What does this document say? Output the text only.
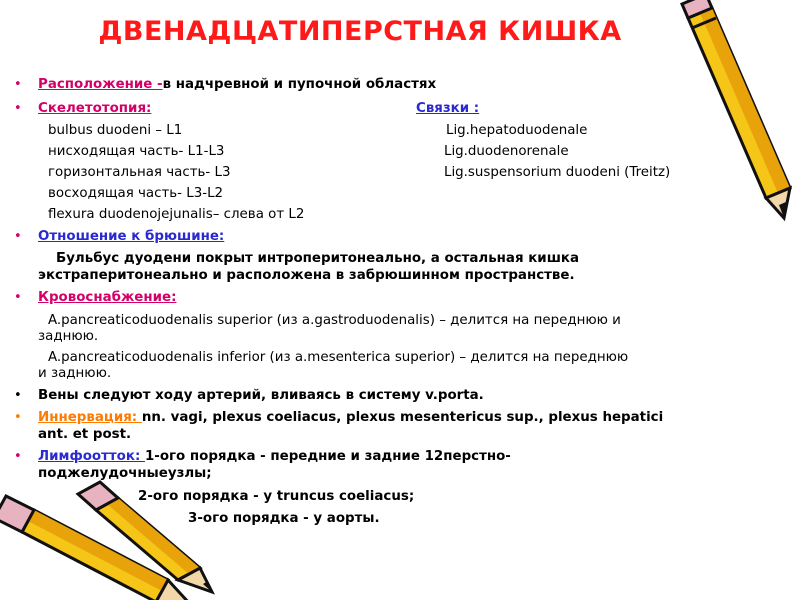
ДВЕНАДЦАТИПЕРСТНАЯ КИШКА
• Расположение -в надчревной и пупочной областях
• Скелетотопия:	Связки :
bulbus duodeni – L1
нисходящая часть- L1-L3
горизонтальная часть- L3
восходящая часть- L3-L2
flexura duodenojejunalis– слева от L2
Lig.hepatoduodenale
Lig.duodenorenale
Lig.suspensorium duodeni (Treitz)
• Отношение к брюшине:
Бульбус дуодени покрыт интроперитонеально, а остальная кишка
экстраперитонеально и расположена в забрюшинном пространстве.
• Кровоснабжение:
A.pancreaticoduodenalis superior (из a.gastroduodenalis) – делится на переднюю и
заднюю.
A.pancreaticoduodenalis inferior (из a.mesenterica superior) – делится на переднюю
и заднюю.
• Вены следуют ходу артерий, вливаясь в систему v.porta.
• Иннервация: nn. vagi, plexus coeliacus, plexus mesentericus sup., plexus hepatici
ant. et post.
• Лимфоотток: 1-ого порядка - передние и задние 12перстно-
поджелудочныеузлы;
2-ого порядка - у truncus coeliacus;
3-ого порядка - у аорты.
